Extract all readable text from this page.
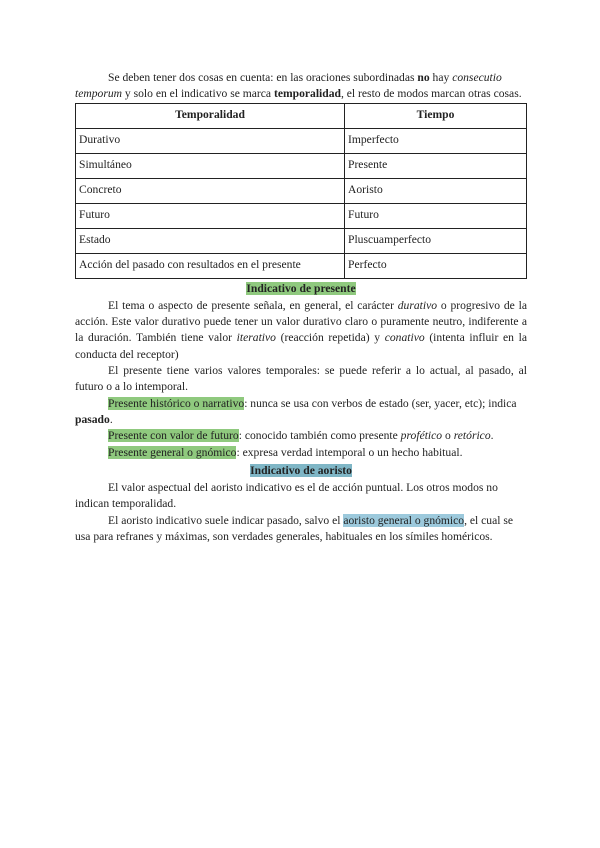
Se deben tener dos cosas en cuenta: en las oraciones subordinadas no hay consecutio temporum y solo en el indicativo se marca temporalidad, el resto de modos marcan otras cosas.

Temporalidad	Tiempo
Durativo	Imperfecto
Simultáneo	Presente
Concreto	Aoristo
Futuro	Futuro
Estado	Pluscuamperfecto
Acción del pasado con resultados en el presente	Perfecto

Indicativo de presente

El tema o aspecto de presente señala, en general, el carácter durativo o progresivo de la acción. Este valor durativo puede tener un valor durativo claro o puramente neutro, indiferente a la duración. También tiene valor iterativo (reacción repetida) y conativo (intenta influir en la conducta del receptor)

El presente tiene varios valores temporales: se puede referir a lo actual, al pasado, al futuro o a lo intemporal.

Presente histórico o narrativo: nunca se usa con verbos de estado (ser, yacer, etc); indica pasado.

Presente con valor de futuro: conocido también como presente profético o retórico.

Presente general o gnómico: expresa verdad intemporal o un hecho habitual.

Indicativo de aoristo

El valor aspectual del aoristo indicativo es el de acción puntual. Los otros modos no indican temporalidad.

El aoristo indicativo suele indicar pasado, salvo el aoristo general o gnómico, el cual se usa para refranes y máximas, son verdades generales, habituales en los símiles homéricos.
